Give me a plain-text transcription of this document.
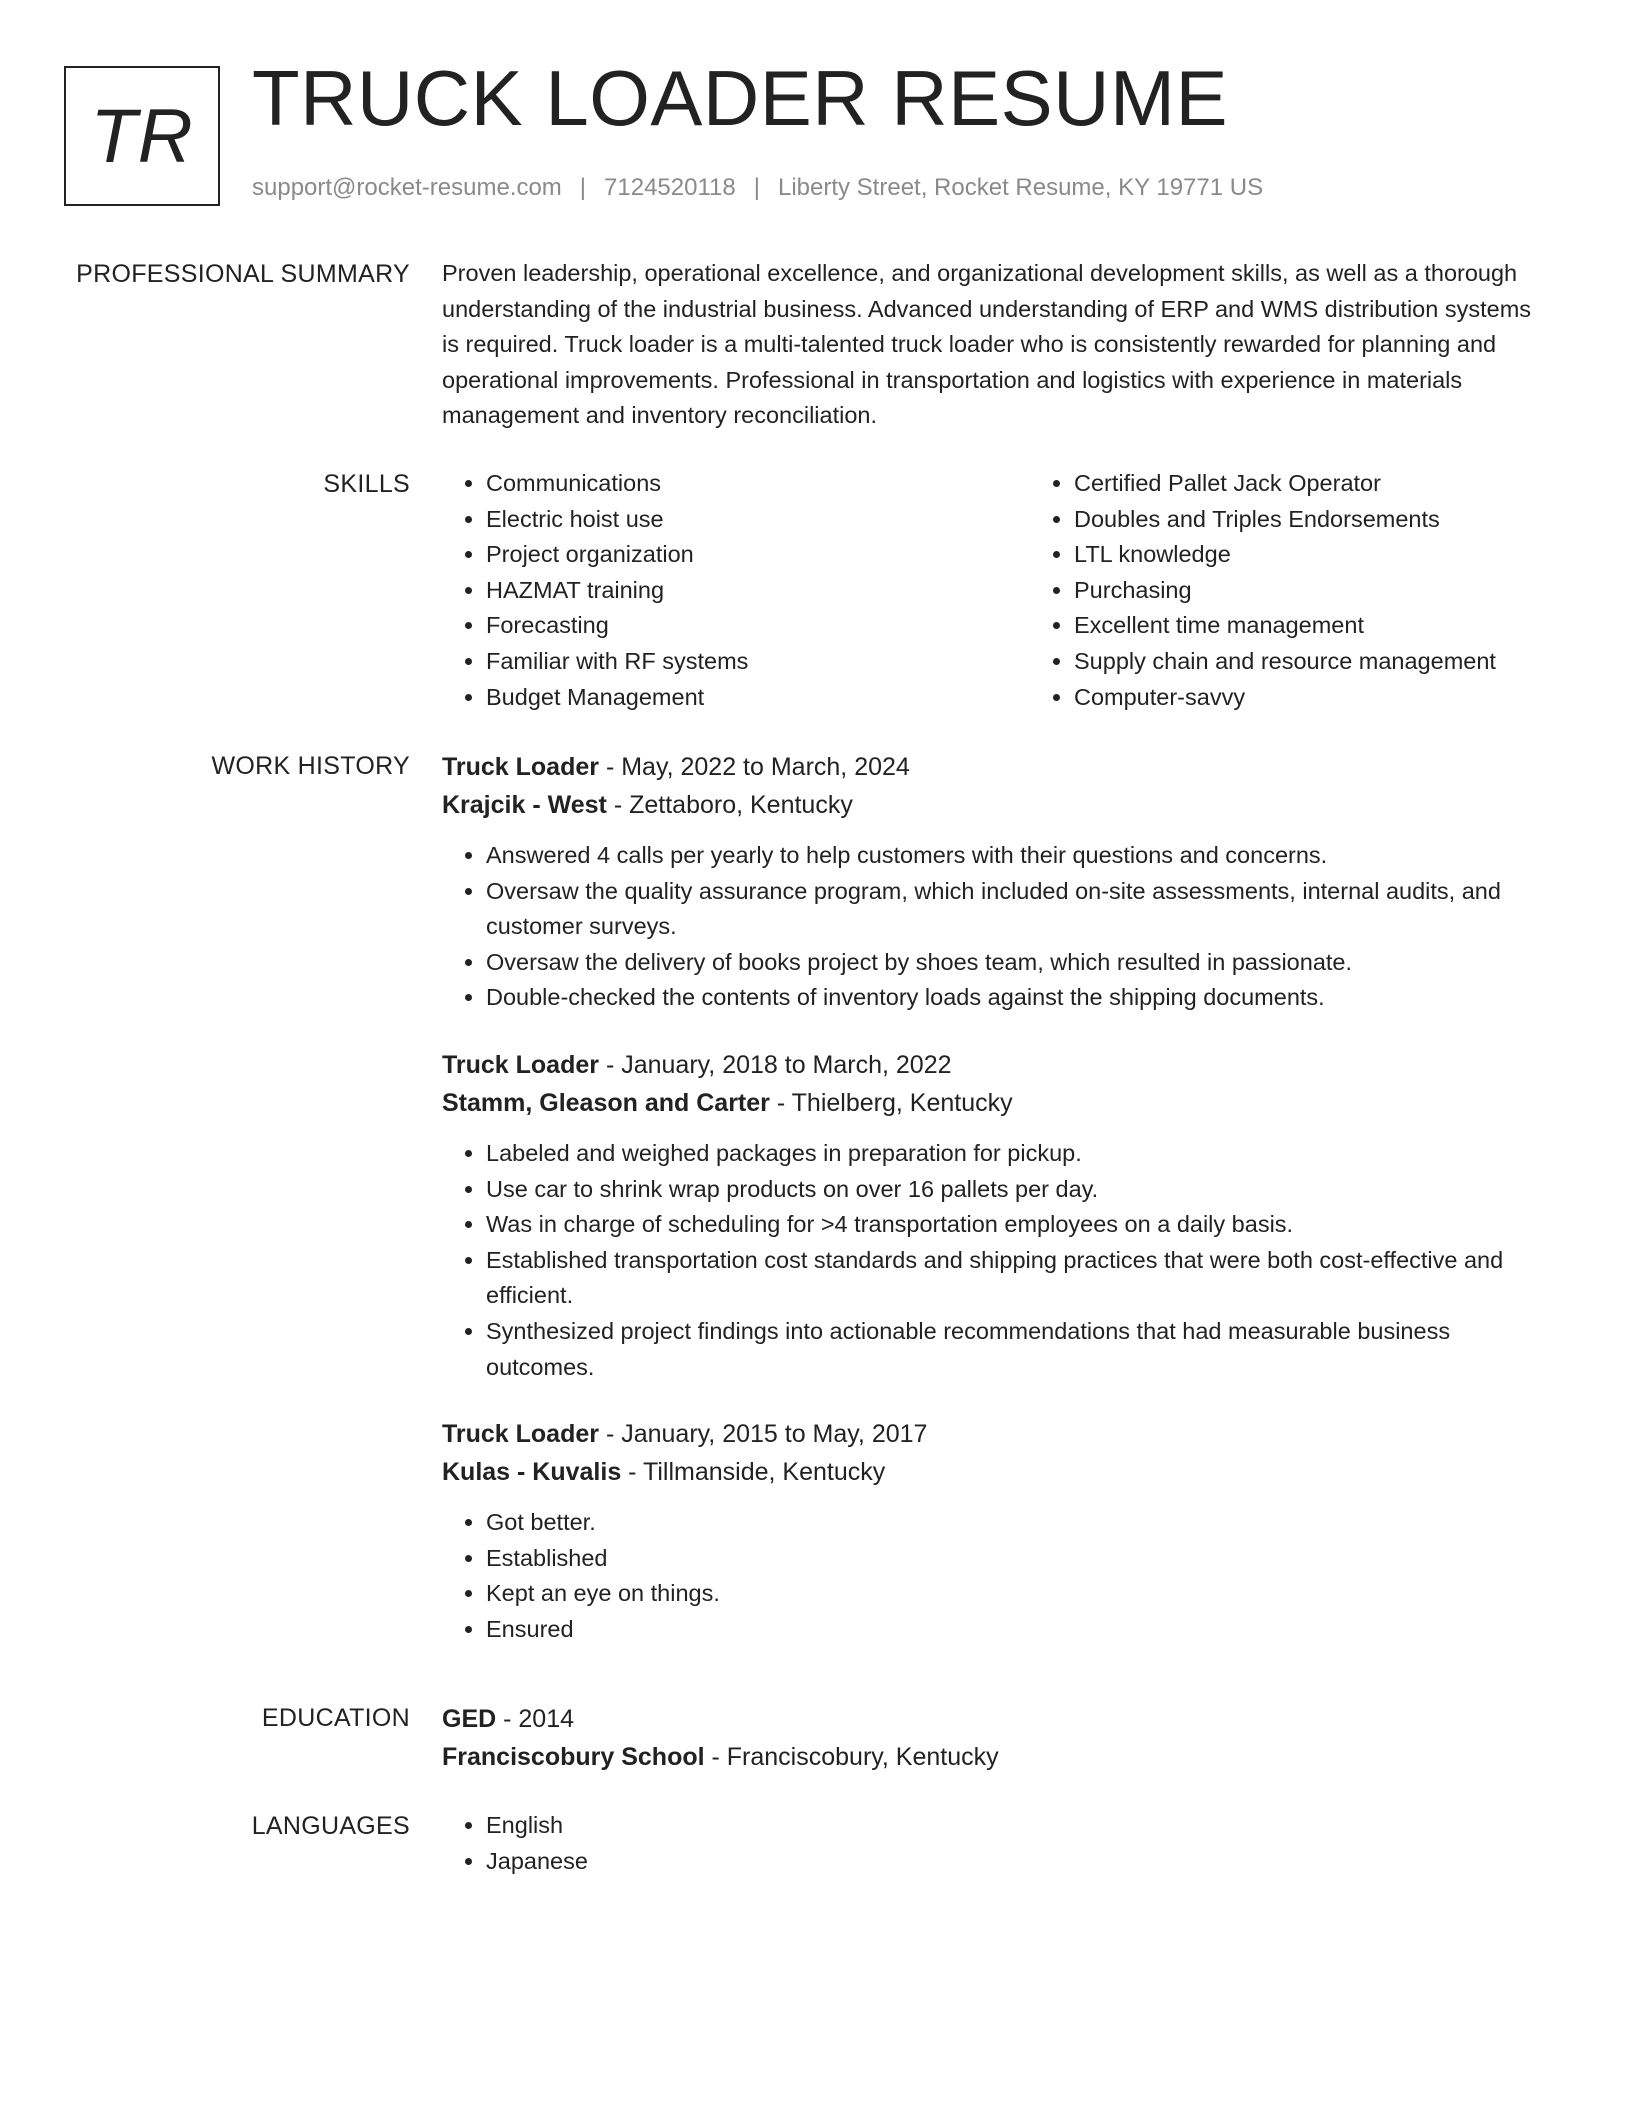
TR TRUCK LOADER RESUME
support@rocket-resume.com | 7124520118 | Liberty Street, Rocket Resume, KY 19771 US
PROFESSIONAL SUMMARY Proven leadership, operational excellence, and organizational development skills, as well as a thorough understanding of the industrial business. Advanced understanding of ERP and WMS distribution systems is required. Truck loader is a multi-talented truck loader who is consistently rewarded for planning and operational improvements. Professional in transportation and logistics with experience in materials management and inventory reconciliation.

SKILLS	• Communications
• Electric hoist use
• Project organization
• HAZMAT training
• Forecasting
• Familiar with RF systems
• Budget Management
• Certified Pallet Jack Operator
• Doubles and Triples Endorsements
• LTL knowledge
• Purchasing
• Excellent time management
• Supply chain and resource management
• Computer-savvy
WORK HISTORY Truck Loader - May, 2022 to March, 2024
Krajcik - West - Zettaboro, Kentucky
• Answered 4 calls per yearly to help customers with their questions and concerns.
• Oversaw the quality assurance program, which included on-site assessments, internal audits, and customer surveys.
• Oversaw the delivery of books project by shoes team, which resulted in passionate.
• Double-checked the contents of inventory loads against the shipping documents.
Truck Loader - January, 2018 to March, 2022
Stamm, Gleason and Carter - Thielberg, Kentucky
• Labeled and weighed packages in preparation for pickup.
• Use car to shrink wrap products on over 16 pallets per day.
• Was in charge of scheduling for >4 transportation employees on a daily basis.
• Established transportation cost standards and shipping practices that were both cost-effective and efficient.
• Synthesized project findings into actionable recommendations that had measurable business outcomes.
Truck Loader - January, 2015 to May, 2017
Kulas - Kuvalis - Tillmanside, Kentucky
• Got better.
• Established
• Kept an eye on things.
• Ensured
EDUCATION GED - 2014
Franciscobury School - Franciscobury, Kentucky
LANGUAGES	• English
• Japanese
